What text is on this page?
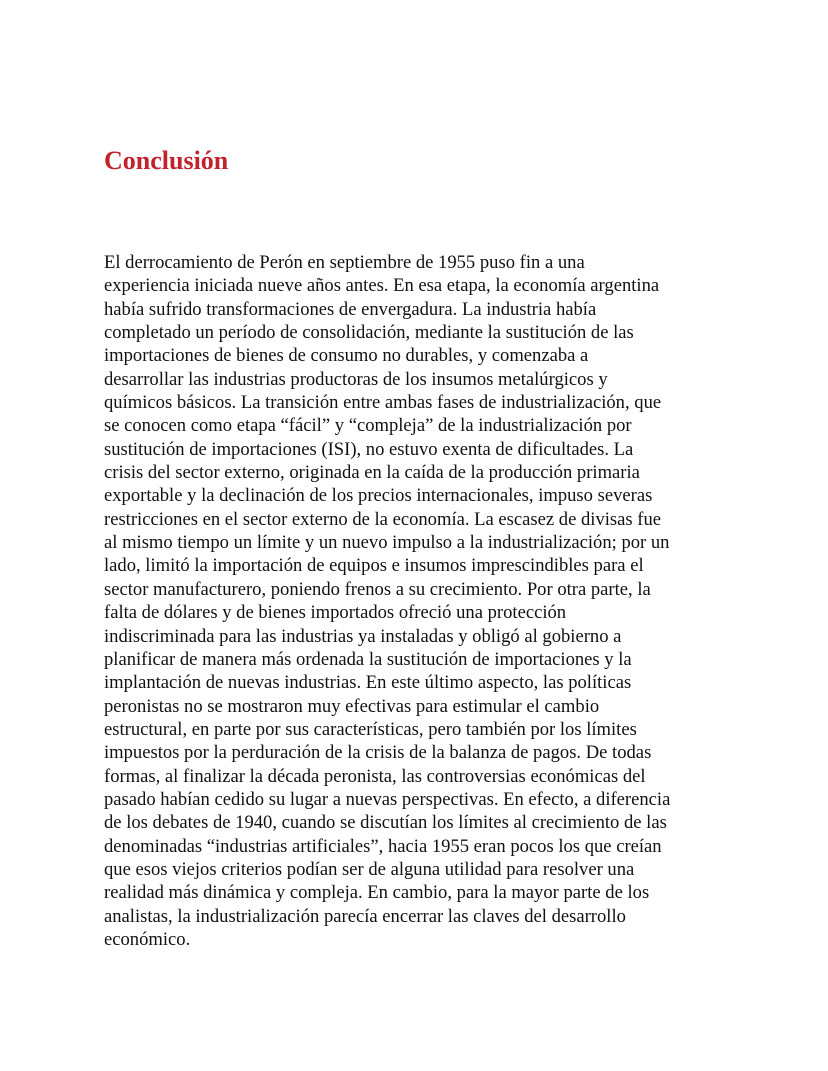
Conclusión
El derrocamiento de Perón en septiembre de 1955 puso fin a una
experiencia iniciada nueve años antes. En esa etapa, la economía argentina
había sufrido transformaciones de envergadura. La industria había
completado un período de consolidación, mediante la sustitución de las
importaciones de bienes de consumo no durables, y comenzaba a
desarrollar las industrias productoras de los insumos metalúrgicos y
químicos básicos. La transición entre ambas fases de industrialización, que
se conocen como etapa “fácil” y “compleja” de la industrialización por
sustitución de importaciones (ISI), no estuvo exenta de dificultades. La
crisis del sector externo, originada en la caída de la producción primaria
exportable y la declinación de los precios internacionales, impuso severas
restricciones en el sector externo de la economía. La escasez de divisas fue
al mismo tiempo un límite y un nuevo impulso a la industrialización; por un
lado, limitó la importación de equipos e insumos imprescindibles para el
sector manufacturero, poniendo frenos a su crecimiento. Por otra parte, la
falta de dólares y de bienes importados ofreció una protección
indiscriminada para las industrias ya instaladas y obligó al gobierno a
planificar de manera más ordenada la sustitución de importaciones y la
implantación de nuevas industrias. En este último aspecto, las políticas
peronistas no se mostraron muy efectivas para estimular el cambio
estructural, en parte por sus características, pero también por los límites
impuestos por la perduración de la crisis de la balanza de pagos. De todas
formas, al finalizar la década peronista, las controversias económicas del
pasado habían cedido su lugar a nuevas perspectivas. En efecto, a diferencia
de los debates de 1940, cuando se discutían los límites al crecimiento de las
denominadas “industrias artificiales”, hacia 1955 eran pocos los que creían
que esos viejos criterios podían ser de alguna utilidad para resolver una
realidad más dinámica y compleja. En cambio, para la mayor parte de los
analistas, la industrialización parecía encerrar las claves del desarrollo
económico.
